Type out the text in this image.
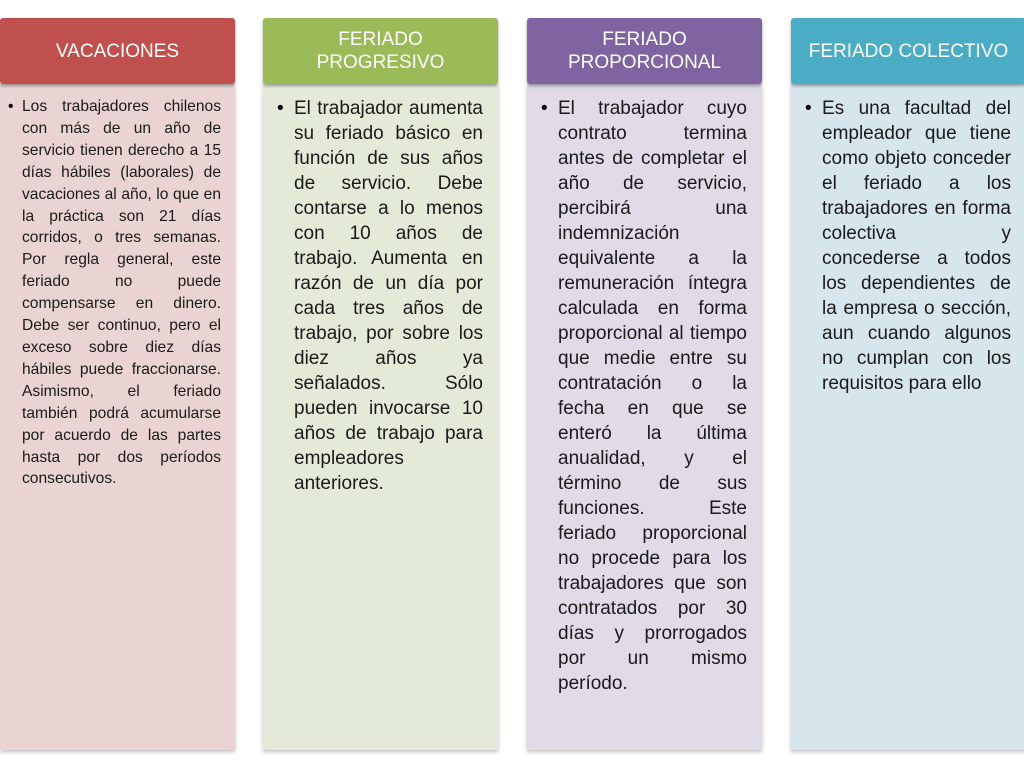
VACACIONES
• Los trabajadores chilenos con más de un año de servicio tienen derecho a 15 días hábiles (laborales) de vacaciones al año, lo que en la práctica son 21 días corridos, o tres semanas. Por regla general, este feriado no puede compensarse en dinero. Debe ser continuo, pero el exceso sobre diez días hábiles puede fraccionarse. Asimismo, el feriado también podrá acumularse por acuerdo de las partes hasta por dos períodos consecutivos.
FERIADO
PROGRESIVO
• El trabajador aumenta su feriado básico en función de sus años de servicio. Debe contarse a lo menos con 10 años de trabajo. Aumenta en razón de un día por cada tres años de trabajo, por sobre los diez años ya señalados. Sólo pueden invocarse 10 años de trabajo para empleadores anteriores.
FERIADO
PROPORCIONAL
• El trabajador cuyo contrato termina antes de completar el año de servicio, percibirá una indemnización equivalente a la remuneración íntegra calculada en forma proporcional al tiempo que medie entre su contratación o la fecha en que se enteró la última anualidad, y el término de sus funciones. Este feriado proporcional no procede para los trabajadores que son contratados por 30 días y prorrogados por un mismo período.
FERIADO COLECTIVO
• Es una facultad del empleador que tiene como objeto conceder el feriado a los trabajadores en forma colectiva y concederse a todos los dependientes de la empresa o sección, aun cuando algunos no cumplan con los requisitos para ello
